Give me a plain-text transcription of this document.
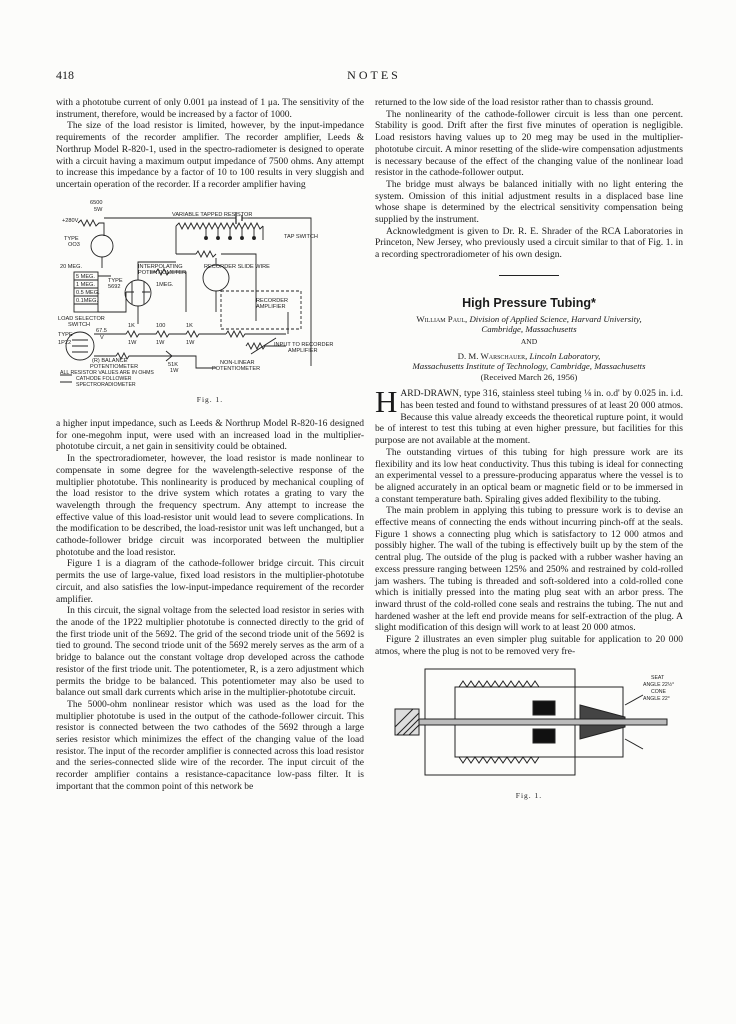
418	NOTES

with a phototube current of only 0.001 μa instead of 1 μa. The sensitivity of the instrument, therefore, would be increased by a factor of 1000.

The size of the load resistor is limited, however, by the input-impedance requirements of the recorder amplifier. The recorder amplifier, Leeds & Northrup Model R-820-1, used in the spectro-radiometer is designed to operate with a circuit having a maximum output impedance of 7500 ohms. Any attempt to increase this impedance by a factor of 10 to 100 results in very sluggish and uncertain operation of the recorder. If a recorder amplifier having

6500
5W
+280V
TYPE
OO3
VARIABLE TAPPED RESISTOR
TAP SWITCH
20 MEG.
5 MEG.
1 MEG.
0.5 MEG.
0.1MEG.
TYPE
5692
INTERPOLATING
POTENTIOMETER
RECORDER SLIDE WIRE
1MEG.
LOAD SELECTOR
SWITCH
RECORDER
AMPLIFIER
67.5
V
TYPE
1P22
1K	100	1K
1W	1W	1W	INPUT TO RECORDER
AMPLIFIER
(R) BALANCE
POTENTIOMETER	51K
1W
NON-LINEAR
POTENTIOMETER
ALL RESISTOR VALUES ARE IN OHMS
CATHODE FOLLOWER
SPECTRORADIOMETER
Fig. 1.

a higher input impedance, such as Leeds & Northrup Model R-820-16 designed for one-megohm input, were used with an increased load in the multiplier-phototube circuit, a net gain in sensitivity could be obtained.

In the spectroradiometer, however, the load resistor is made nonlinear to compensate in some degree for the wavelength-selective response of the multiplier phototube. This nonlinearity is produced by mechanical coupling of the load resistor to the drive system which rotates a grating to vary the wavelength through the frequency spectrum. Any attempt to increase the effective value of this load-resistor unit would lead to severe complications. In the modification to be described, the load-resistor unit was left unchanged, but a cathode-follower bridge circuit was incorporated between the multiplier phototube and the load resistor.

Figure 1 is a diagram of the cathode-follower bridge circuit. This circuit permits the use of large-value, fixed load resistors in the multiplier-phototube circuit, and also satisfies the low-input-impedance requirement of the recorder amplifier.

In this circuit, the signal voltage from the selected load resistor in series with the anode of the 1P22 multiplier phototube is connected directly to the grid of the first triode unit of the 5692. The grid of the second triode unit of the 5692 is tied to ground. The second triode unit of the 5692 merely serves as the arm of a bridge to balance out the constant voltage drop developed across the cathode resistor of the first triode unit. The potentiometer, R, is a zero adjustment which permits the bridge to be balanced. This potentiometer may also be used to balance out small dark currents which arise in the multiplier-phototube circuit.

The 5000-ohm nonlinear resistor which was used as the load for the multiplier phototube is used in the output of the cathode-follower circuit. This resistor is connected between the two cathodes of the 5692 through a large series resistor which minimizes the effect of the changing value of the load resistor. The input of the recorder amplifier is connected across this load resistor and the series-connected slide wire of the recorder. The input circuit of the recorder amplifier contains a resistance-capacitance low-pass filter. It is important that the common point of this network be

returned to the low side of the load resistor rather than to chassis ground.

The nonlinearity of the cathode-follower circuit is less than one percent. Stability is good. Drift after the first five minutes of operation is negligible. Load resistors having values up to 20 meg may be used in the multiplier-phototube circuit. A minor resetting of the slide-wire compensation adjustments is necessary because of the effect of the changing value of the nonlinear load resistor in the cathode-follower output.

The bridge must always be balanced initially with no light entering the system. Omission of this initial adjustment results in a displaced base line whose shape is determined by the electrical sensitivity compensation being supplied by the instrument.

Acknowledgment is given to Dr. R. E. Shrader of the RCA Laboratories in Princeton, New Jersey, who previously used a circuit similar to that of Fig. 1. in a recording spectroradiometer of his own design.

High Pressure Tubing*
William Paul, Division of Applied Science, Harvard University,
Cambridge, Massachusetts
AND
D. M. Warschauer, Lincoln Laboratory,
Massachusetts Institute of Technology, Cambridge, Massachusetts
(Received March 26, 1956)

HARD-DRAWN, type 316, stainless steel tubing ⅛ in. o.d' by 0.025 in. i.d. has been tested and found to withstand pressures of at least 20 000 atmos. Because this value already exceeds the theoretical rupture point, it would be of interest to test this tubing at even higher pressure, but facilities for this purpose are not available at the moment.

The outstanding virtues of this tubing for high pressure work are its flexibility and its low heat conductivity. Thus this tubing is ideal for connecting an experimental vessel to a pressure-producing apparatus where the vessel is to be aligned accurately in an optical beam or magnetic field or to be immersed in a constant temperature bath. Spiraling gives added flexibility to the tubing.

The main problem in applying this tubing to pressure work is to devise an effective means of connecting the ends without incurring pinch-off at the seals. Figure 1 shows a connecting plug which is satisfactory to 12 000 atmos and possibly higher. The wall of the tubing is effectively built up by the stem of the central plug. The outside of the plug is packed with a rubber washer having an excess pressure ranging between 125% and 250% and restrained by cold-rolled jam washers. The tubing is threaded and soft-soldered into a cold-rolled cone which is initially pressed into the mating plug seat with an arbor press. The inward thrust of the cold-rolled cone seals and restrains the tubing. The nut and hardened washer at the left end provide means for self-extraction of the plug. A slight modification of this design will work to at least 20 000 atmos.

Figure 2 illustrates an even simpler plug suitable for application to 20 000 atmos, where the plug is not to be removed very fre-

SEAT
ANGLE 22½°
CONE
ANGLE 22°
Fig. 1.
